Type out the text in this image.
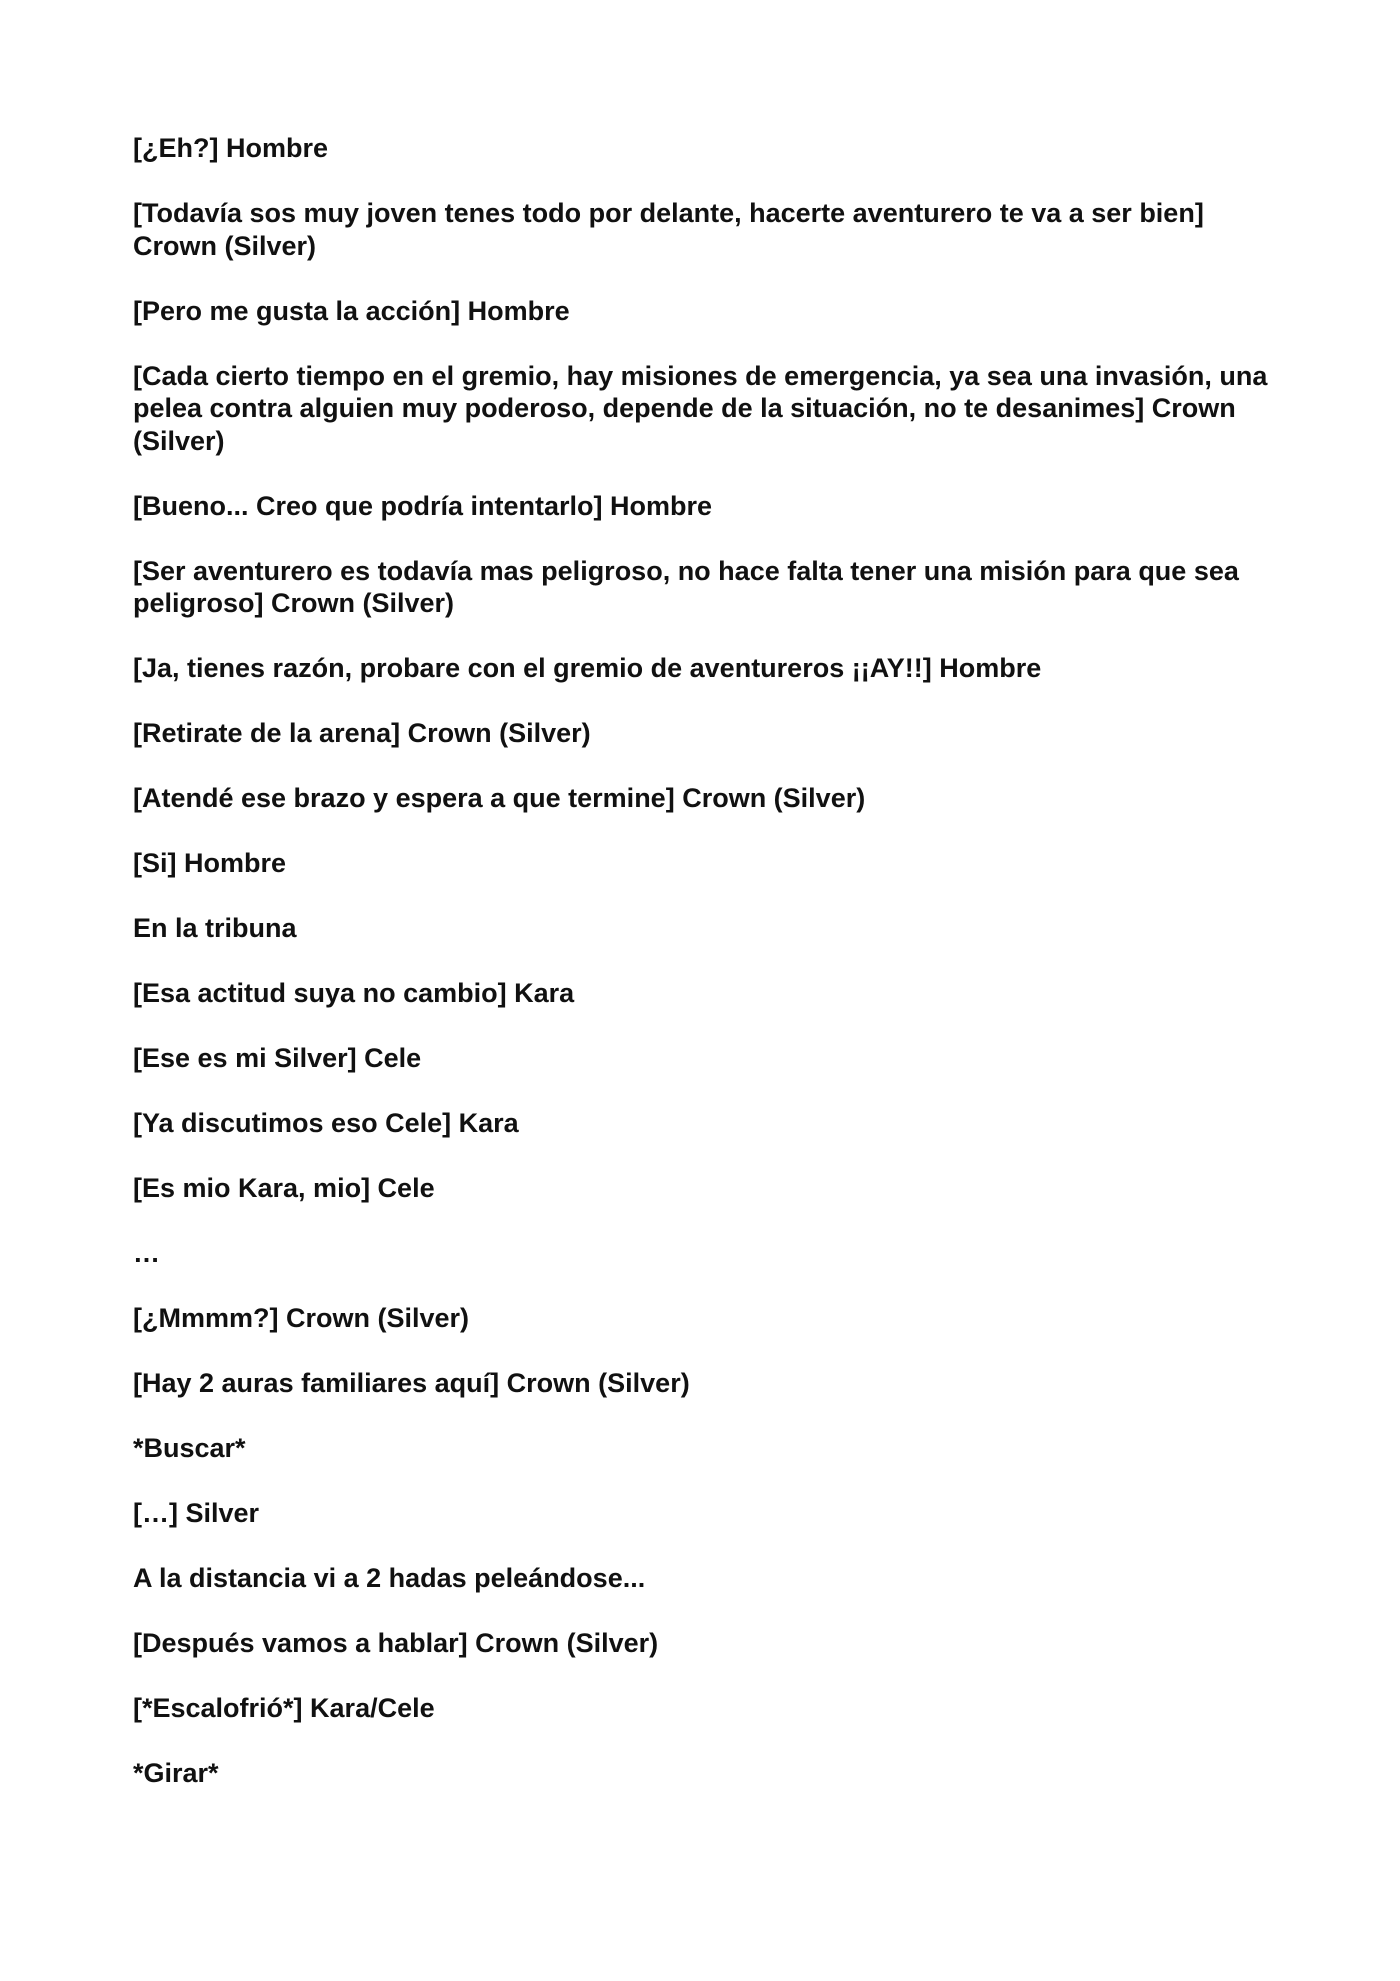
[¿Eh?] Hombre

[Todavía sos muy joven tenes todo por delante, hacerte aventurero te va a ser bien] Crown (Silver)

[Pero me gusta la acción] Hombre

[Cada cierto tiempo en el gremio, hay misiones de emergencia, ya sea una invasión, una pelea contra alguien muy poderoso, depende de la situación, no te desanimes] Crown (Silver)

[Bueno... Creo que podría intentarlo] Hombre

[Ser aventurero es todavía mas peligroso, no hace falta tener una misión para que sea peligroso] Crown (Silver)

[Ja, tienes razón, probare con el gremio de aventureros ¡¡AY!!] Hombre

[Retirate de la arena] Crown (Silver)

[Atendé ese brazo y espera a que termine] Crown (Silver)

[Si] Hombre

En la tribuna

[Esa actitud suya no cambio] Kara

[Ese es mi Silver] Cele

[Ya discutimos eso Cele] Kara

[Es mio Kara, mio] Cele

…

[¿Mmmm?] Crown (Silver)

[Hay 2 auras familiares aquí] Crown (Silver)

*Buscar*

[…] Silver

A la distancia vi a 2 hadas peleándose...

[Después vamos a hablar] Crown (Silver)

[*Escalofrió*] Kara/Cele

*Girar*
